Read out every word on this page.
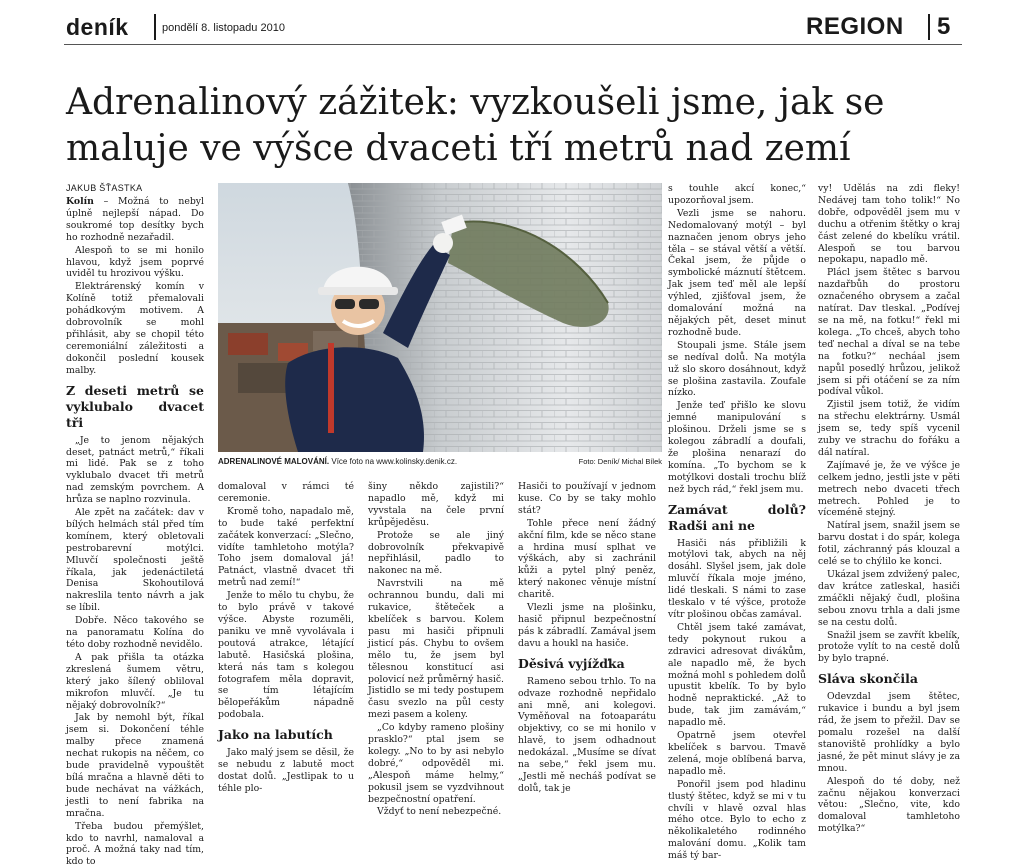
deník	pondělí 8. listopadu 2010	REGION 5
Adrenalinový zážitek: vyzkoušeli jsme, jak se maluje ve výšce dvaceti tří metrů nad zemí
JAKUB ŠŤASTKA

Kolín – Možná to nebyl úplně nejlepší nápad. Do soukromé top desítky bych ho rozhodně nezařadil.

Alespoň to se mi honilo hlavou, když jsem poprvé uviděl tu hrozivou výšku.

Elektrárenský komín v Kolíně totiž přemalovali pohádkovým motivem. A dobrovolník se mohl přihlásit, aby se chopil této ceremoniální záležitosti a dokončil poslední kousek malby.

Z deseti metrů se vyklubalo dvacet tři

„Je to jenom nějakých deset, patnáct metrů,“ říkali mi lidé. Pak se z toho vyklubalo dvacet tři metrů nad zemským povrchem. A hrůza se naplno rozvinula.

Ale zpět na začátek: dav v bílých helmách stál před tím komínem, který obletovali pestrobarevní motýlci. Mluvčí společnosti ještě říkala, jak jedenáctiletá Denisa Skohoutilová nakreslila tento návrh a jak se líbil.

Dobře. Něco takového se na panoramatu Kolína do této doby rozhodně nevidělo.

A pak přišla ta otázka zkreslená šumem větru, který jako šílený obliloval mikrofon mluvčí. „Je tu nějaký dobrovolník?“

Jak by nemohl být, říkal jsem si. Dokončení téhle malby přece znamená nechat rukopis na něčem, co bude pravidelně vypouštět bílá mračna a hlavně děti to bude nechávat na vážkách, jestli to není fabrika na mračna.

Třeba budou přemýšlet, kdo to navrhl, namaloval a proč. A možná taky nad tím, kdo to

ADRENALINOVÉ MALOVÁNÍ. Více foto na www.kolinsky.denik.cz.	Foto: Deník/ Michal Bílek

domaloval v rámci té ceremonie.

Kromě toho, napadalo mě, to bude také perfektní začátek konverzací: „Slečno, vidíte tamhletoho motýla? Toho jsem domaloval já! Patnáct, vlastně dvacet tři metrů nad zemí!“

Jenže to mělo tu chybu, že to bylo právě v takové výšce. Abyste rozuměli, paniku ve mně vyvolávala i poutová atrakce, létající labutě. Hasičská plošina, která nás tam s kolegou fotografem měla dopravit, se tím létajícím bělopeřákům nápadně podobala.

Jako na labutích

Jako malý jsem se děsil, že se nebudu z labutě moct dostat dolů. „Jestlipak to u téhle plo-

šiny někdo zajistili?“ napadlo mě, když mi vyvstala na čele první krůpějeděsu.

Protože se ale jiný dobrovolník překvapivě nepřihlásil, padlo to nakonec na mě.

Navrstvili na mě ochrannou bundu, dali mi rukavice, štěteček a kbelíček s barvou. Kolem pasu mi hasiči připnuli jisticí pás. Chybu to ovšem mělo tu, že jsem byl tělesnou konstitucí asi polovicí než průměrný hasič. Jistidlo se mi tedy postupem času svezlo na půl cesty mezi pasem a koleny.

„Co kdyby rameno plošiny prasklo?“ ptal jsem se kolegy. „No to by asi nebylo dobré,“ odpověděl mi. „Alespoň máme helmy,“ pokusil jsem se vyzdvihnout bezpečnostní opatření.

Vždyť to není nebezpečné.

Hasiči to používají v jednom kuse. Co by se taky mohlo stát?

Tohle přece není žádný akční film, kde se něco stane a hrdina musí splhat ve výškách, aby si zachránil kůži a pytel plný peněz, který nakonec věnuje místní charitě.

Vlezli jsme na plošinku, hasič připnul bezpečnostní pás k zábradlí. Zamával jsem davu a houkl na hasiče.

Děsivá vyjížďka

Rameno sebou trhlo. To na odvaze rozhodně nepřidalo ani mně, ani kolegovi. Vyměňoval na fotoaparátu objektivy, co se mi honilo v hlavě, to jsem odhadnout nedokázal. „Musíme se dívat na sebe,“ řekl jsem mu. „Jestli mě necháš podívat se dolů, tak je

s touhle akcí konec,“ upozorňoval jsem.

Vezli jsme se nahoru. Nedomalovaný motýl – byl naznačen jenom obrys jeho těla – se stával větší a větší. Čekal jsem, že půjde o symbolické máznutí štětcem. Jak jsem teď měl ale lepší výhled, zjišťoval jsem, že domalování možná na nějakých pět, deset minut rozhodně bude.

Stoupali jsme. Stále jsem se nedíval dolů. Na motýla už slo skoro dosáhnout, když se plošina zastavila. Zoufale nízko.

Jenže teď přišlo ke slovu jemné manipulování s plošinou. Drželi jsme se s kolegou zábradlí a doufali, že plošina nenarazí do komína. „To bychom se k motýlkovi dostali trochu blíž než bych rád,“ řekl jsem mu.

Zamávat dolů? Radši ani ne

Hasiči nás přibližili k motýlovi tak, abych na něj dosáhl. Slyšel jsem, jak dole mluvčí říkala moje jméno, lidé tleskali. S námi to zase tleskalo v té výšce, protože vítr plošinou občas zamával.

Chtěl jsem také zamávat, tedy pokynout rukou a zdravici adresovat divákům, ale napadlo mě, že bych možná mohl s pohledem dolů upustit kbelík. To by bylo hodně nepraktické. „Až to bude, tak jim zamávám,“ napadlo mě.

Opatrně jsem otevřel kbelíček s barvou. Tmavě zelená, moje oblíbená barva, napadlo mě.

Ponořil jsem pod hladinu tlustý štětec, když se mi v tu chvíli v hlavě ozval hlas mého otce. Bylo to echo z několikaletého rodinného malování domu. „Kolik tam máš tý bar-

vy! Udělás na zdi fleky! Nedávej tam toho tolik!“ No dobře, odpověděl jsem mu v duchu a otřenim štětky o kraj část zelené do kbelíku vrátil. Alespoň se tou barvou nepokapu, napadlo mě.

Plácl jsem štětec s barvou nazdařbůh do prostoru označeného obrysem a začal natírat. Dav tleskal. „Podívej se na mě, na fotku!“ řekl mi kolega. „To chceš, abych toho teď nechal a díval se na tebe na fotku?“ necháal jsem napůl posedlý hrůzou, jelikož jsem si při otáčení se za ním podíval vůkol.

Zjistil jsem totiž, že vidím na střechu elektrárny. Usmál jsem se, tedy spíš vycenil zuby ve strachu do fořáku a dál natíral.

Zajímavé je, že ve výšce je celkem jedno, jestli jste v pěti metrech nebo dvaceti třech metrech. Pohled je to víceméně stejný.

Natíral jsem, snažil jsem se barvu dostat i do spár, kolega fotil, záchranný pás klouzal a celé se to chýlilo ke konci.

Ukázal jsem zdvižený palec, dav krátce zatleskal, hasiči zmáčkli nějaký čudl, plošina sebou znovu trhla a dali jsme se na cestu dolů.

Snažil jsem se zavřít kbelík, protože vylít to na cestě dolů by bylo trapné.

Sláva skončila

Odevzdal jsem štětec, rukavice i bundu a byl jsem rád, že jsem to přežil. Dav se pomalu rozešel na další stanoviště prohlídky a bylo jasné, že pět minut slávy je za mnou.

Alespoň do té doby, než začnu nějakou konverzaci větou: „Slečno, vite, kdo domaloval tamhletoho motýlka?“
